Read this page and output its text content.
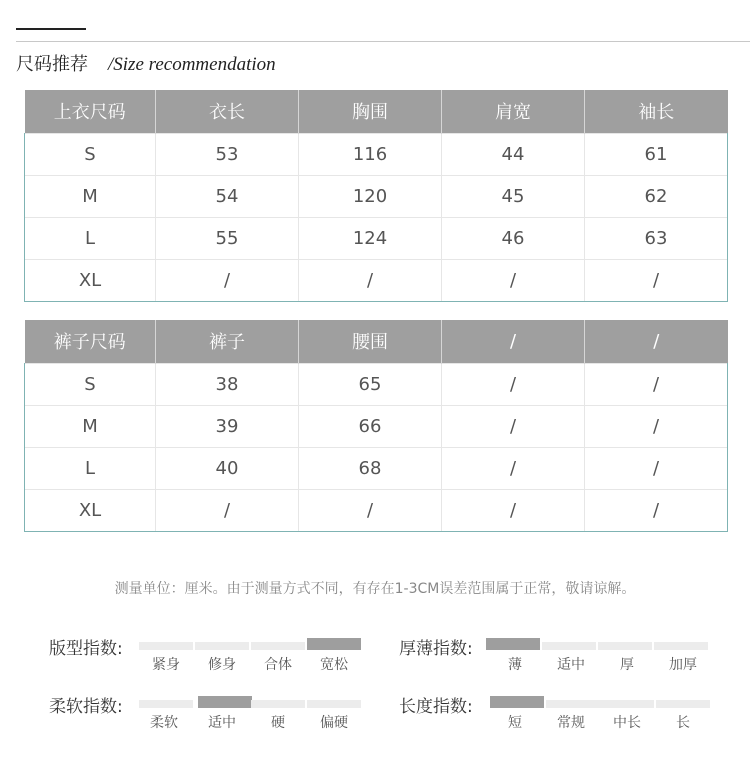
尺码推荐 /Size recommendation
上衣尺码	衣长	胸围	肩宽	袖长
S	53	116	44	61
M	54	120	45	62
L	55	124	46	63
XL	/	/	/	/
裤子尺码	裤子	腰围	/	/
S	38	65	/	/
M	39	66	/	/
L	40	68	/	/
XL	/	/	/	/
测量单位：厘米。由于测量方式不同，有存在1-3CM误差范围属于正常，敬请谅解。
版型指数:
紧身	修身	合体	宽松
厚薄指数:
薄	适中	厚	加厚
柔软指数:
柔软	适中	硬	偏硬
长度指数:
短	常规	中长	长
